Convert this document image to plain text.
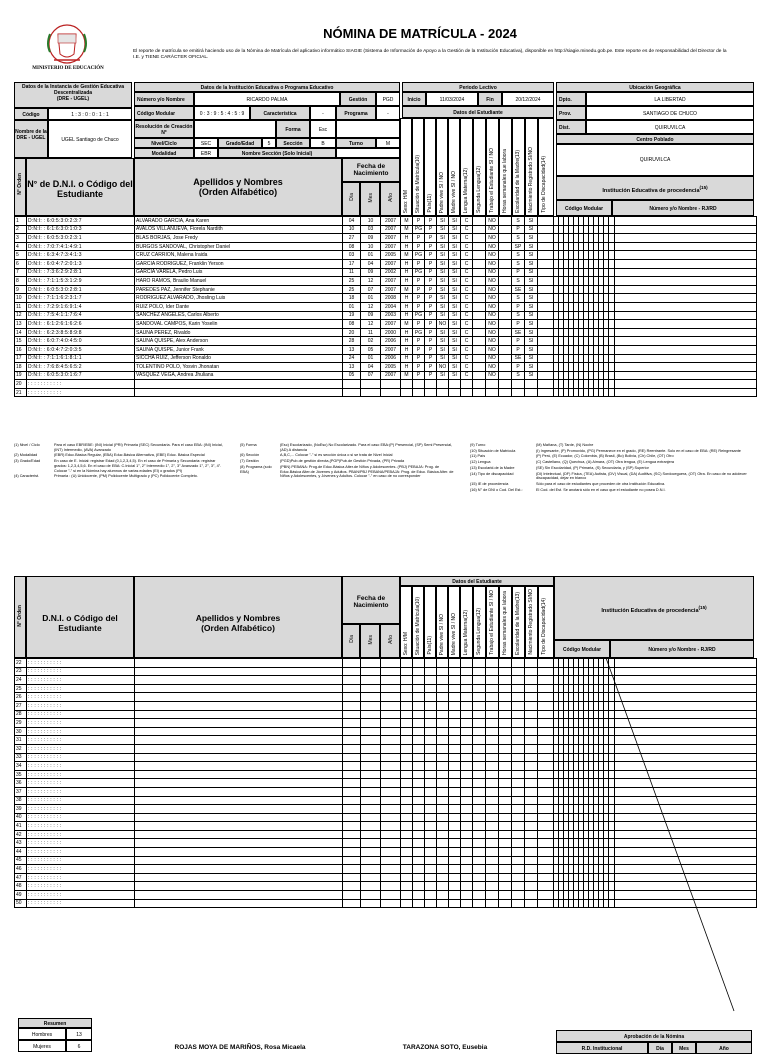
MINISTERIO DE EDUCACIÓN
NÓMINA DE MATRÍCULA - 2024
El reporte de matrícula se emitirá haciendo uso de la Nómina de Matrícula del aplicativo informático SIAGIE (Sistema de Información de Apoyo a la Gestión de la Institución Educativa), disponible en http://siagie.minedu.gob.pe. Este reporte es de responsabilidad del Director de la I.E. y TIENE CARÁCTER OFICIAL.
Datos de la Instancia de Gestión Educativa Descentralizada
(DRE - UGEL)
Código	1 : 3 : 0 : 0 : 1 : 1
Nombre de la DRE - UGEL	UGEL Santiago de Chuco
Datos de la Institución Educativa o Programa Educativo
Número y/o Nombre	RICARDO PALMA	Gestión	PGD
Código Modular	0 : 3 : 9 : 5 : 4 : 5 : 9	Característica	-	Programa	-
Resolución de Creación N°	Forma	Esc
Nivel/Ciclo	SEC	Grado/Edad	5	Sección	B	Turno	M
Modalidad	EBR	Nombre Sección (Solo Inicial)
Periodo Lectivo
Inicio	11/03/2024	Fin	20/12/2024
Ubicación Geográfica
Dpto.	LA LIBERTAD
Prov.	SANTIAGO DE CHUCO
Dist.	QUIRUVILCA
Centro Poblado
QUIRUVILCA
Datos del Estudiante
N° Orden N° de D.N.I. o Código del Estudiante
Apellidos y Nombres (Orden Alfabético)
Fecha de Nacimiento
Día	Mes	Año Sexo: H/M Situación de Matrícula(10) País(11) Padre vive SI / NO Madre vive SI / NO Lengua Materna(12) Segunda Lengua(12) Trabajo el Estudiante SI / NO Horas semanales que labora Escolaridad de la Madre(13) Nacimiento Registrado SI/NO Tipo de Discapacidad(14)	Institución Educativa de procedencia$^{(15)}$
Código Modular	Número y/o Nombre - RJ/RD
1	D:N:I: : 6:0:5:3:0:2:3:7	ALVARADO GARCIA, Ana Karen	04	10	2007	M	P	P	SI	SI	C		NO		S	SI														
2	D:N:I: : 6:1:6:3:0:1:0:3	AVALOS VILLANUEVA, Fiorela Nardith	10	03	2007	M	PG	P	SI	SI	C		NO		P	SI														
3	D:N:I: : 6:0:5:3:0:2:3:1	BLAS BORJAS, Jose Fredy	27	09	2007	H	P	P	SI	SI	C		NO		S	SI														
4	D:N:I: : 7:0:7:4:1:4:9:1	BURGOS SANDOVAL, Christopher Daniel	08	10	2007	H	P	P	SI	SI	C		NO		SP	SI														
5	D:N:I: : 6:3:4:7:3:4:1:3	CRUZ CARRION, Malena Iraida	03	01	2005	M	PG	P	SI	SI	C		NO		S	SI														
6	D:N:I: : 6:0:4:7:2:0:1:3	GARCIA RODRIGUEZ, Franklin Yerson	17	04	2007	H	P	P	SI	SI	C		NO		S	SI														
7	D:N:I: : 7:3:6:2:9:2:8:1	GARCIA VARELA, Pedro Luis	11	09	2002	H	PG	P	SI	SI	C		NO		P	SI														
8	D:N:I: : 7:1:1:5:3:1:2:9	HARO RAMOS, Braulio Manuel	25	12	2007	H	P	P	SI	SI	C		NO		S	SI														
9	D:N:I: : 6:0:5:3:0:2:8:1	PAREDES PAZ, Jennifer Stephanie	25	07	2007	M	P	P	SI	SI	C		NO		SE	SI														
10	D:N:I: : 7:1:1:6:2:3:1:7	RODRIGUEZ ALVARADO, Jhosling Luis	18	01	2008	H	P	P	SI	SI	C		NO		S	SI														
11	D:N:I: : 7:2:9:1:6:9:1:4	RUIZ POLO, Ider Dante	01	12	2004	H	P	P	SI	SI	C		NO		P	SI														
12	D:N:I: : 7:5:4:1:1:7:6:4	SANCHEZ ANGELES, Carlos Alberto	19	09	2003	H	PG	P	SI	SI	C		NO		S	SI														
13	D:N:I: : 6:1:2:6:1:6:2:6	SANDOVAL CAMPOS, Karin Yoselin	08	12	2007	M	P	P	NO	SI	C		NO		P	SI														
14	D:N:I: : 6:2:3:8:5:8:9:8	SAUNA PEREZ, Rivaldo	20	11	2000	H	PG	P	SI	SI	C		NO		SE	SI														
15	D:N:I: : 6:0:7:4:0:4:5:0	SAUNA QUISPE, Alex Anderson	28	02	2006	H	P	P	SI	SI	C		NO		P	SI														
16	D:N:I: : 6:0:4:7:2:0:3:5	SAUNA QUISPE, Junior Frank	13	05	2007	H	P	P	SI	SI	C		NO		P	SI														
17	D:N:I: : 7:1:1:6:1:8:1:1	SICCHA RUIZ, Jefferson Ronaldo	24	01	2006	H	P	P	SI	SI	C		NO		SE	SI														
18	D:N:I: : 7:6:8:4:5:6:5:2	TOLENTINO POLO, Yosvin Jhonatan	13	04	2005	H	P	P	NO	SI	C		NO		P	SI														
19	D:N:I: : 6:0:5:3:0:1:6:7	VASQUEZ VEGA, Andrea Jhuliana	05	07	2007	M	P	P	SI	SI	C		NO		S	SI														
20	: : : : : : : : : : :																													
21	: : : : : : : : : : :																													
(1) Nivel / Ciclo	Para el caso EBR/EBE: (INI) Inicial (PRI) Primaria (SEC) Secundaria. Para el caso EBA: (INI) Inicial, (INT) Intermedio, (AVA) Avanzado
(2) Modalidad	(EBR) Educ.Básica Regular, (EBA) Educ.Básica Alternativa, (EBE) Educ. Básica Especial
(3) Grado/Edad	En caso de E. Inicial: registrar Edad (0,1,2,3,4,5). En el caso de Primaria y Secundaria: registrar grados: 1,2,3,4,5,6. En el caso de EBA: C.Inicial 1°, 2° Intermedio 1°, 2°, 3° Avanzado 1°, 2°, 3°, 4°. Colocar "-" si en la Nómina hay alumnos de varias edades (EI) o grados (PI)
(4) Caracterist.	Primaria : (U) Unidocente, (PM) Polidocente Multigrado y (PC) Polidocente Completo.
(5) Forma	(Esc) Escolarizado, (NoEsc) No Escolarizado. Para el caso EBA:(P) Presencial, (SP) Semi Presencial, (AD) A distancia
(6) Sección	A,B,C,... Colocar "-" si es sección única o si se trata de Nivel Inicial
(7) Gestión	(PGD)Pub.de gestión directa,(PGP)Pub.de Gestión Privada, (PR) Privada
(8) Programa (solo EBA)
(PBN) PEBANA: Prog.de Educ.Básica Alter.de Niños y Adolescentes. (PBJ) PEBAJA: Prog. de Educ.Básica Alter.de Jóvenes y Adultos. PBAN/PBJ PEBANA/PEBAJA: Prog. de Educ. Básica Alter. de Niños y Adolescentes, y Jóvenes y Adultos. Colocar "-" en caso de no corresponder
(9) Turno	(M) Mañana, (T) Tarde, (N) Noche
(10) Situación de Matrícula	(I) Ingresante, (P) Promovido, (PG) Permanece en el grado, (RE) Reentrante. Solo en el caso de EBA: (RE) Reingresante
(11) País	(P) Perú, (E) Ecuador, (C) Colombia, (B) Brasil, (Bo) Bolivia, (Ch) Chile, (OT) Otro
(12) Lengua	(C) Castellano, (Q) Quechua, (A) Aimara, (OT) Otra lengua, (E) Lengua extranjera
(13) Escolarid.de la Madre	(SE) Sin Escolaridad, (P) Primaria, (S) Secundaria, y (SP) Superior
(14) Tipo de discapacidad	(DI) Intelectual, (DF) Física, (TEA) Autista, (DV) Visual, (DA) Auditiva, (SC) Sordoceguera, (OT) Otra. En caso de no adolecer discapacidad, dejar en blanco
(15) IE de procedencia	Sólo para el caso de estudiantes que proceden de otra Institución Educativa.
(16) N° de DNI o Cod. Del Est.:	El Cod. del Est. Se anotará sólo en el caso que el estudiante no posea D.N.I.
N° Orden	D.N.I. o Código del Estudiante
Apellidos y Nombres (Orden Alfabético)
Fecha de Nacimiento
Día	Mes	Año
Datos del Estudiante
Sexo: H/M Situación de Matrícula(10) País(11) Padre vive SI / NO Madre vive SI / NO Lengua Materna(12) Segunda Lengua(12) Trabajo el Estudiante SI / NO Horas semanales que labora Escolaridad de la Madre(13) Nacimiento Registrado SI/NO Tipo de Discapacidad(14)	Institución Educativa de procedencia$^{(15)}$
Código Modular	Número y/o Nombre - RJ/RD
22	: : : : : : : : : : :																													
23	: : : : : : : : : : :																													
24	: : : : : : : : : : :																													
25	: : : : : : : : : : :																													
26	: : : : : : : : : : :																													
27	: : : : : : : : : : :																													
28	: : : : : : : : : : :																													
29	: : : : : : : : : : :																													
30	: : : : : : : : : : :																													
31	: : : : : : : : : : :																													
32	: : : : : : : : : : :																													
33	: : : : : : : : : : :																													
34	: : : : : : : : : : :																													
35	: : : : : : : : : : :																													
36	: : : : : : : : : : :																													
37	: : : : : : : : : : :																													
38	: : : : : : : : : : :																													
39	: : : : : : : : : : :																													
40	: : : : : : : : : : :																													
41	: : : : : : : : : : :																													
42	: : : : : : : : : : :																													
43	: : : : : : : : : : :																													
44	: : : : : : : : : : :																													
45	: : : : : : : : : : :																													
46	: : : : : : : : : : :																													
47	: : : : : : : : : : :																													
48	: : : : : : : : : : :																													
49	: : : : : : : : : : :																													
50	: : : : : : : : : : :																													
Resumen
Hombres	13
Mujeres	6	ROJAS MOYA DE MARIÑOS, Rosa Micaela	TARAZONA SOTO, Eusebia
Aprobación de la Nómina
R.D. Institucional	Día	Mes	Año
